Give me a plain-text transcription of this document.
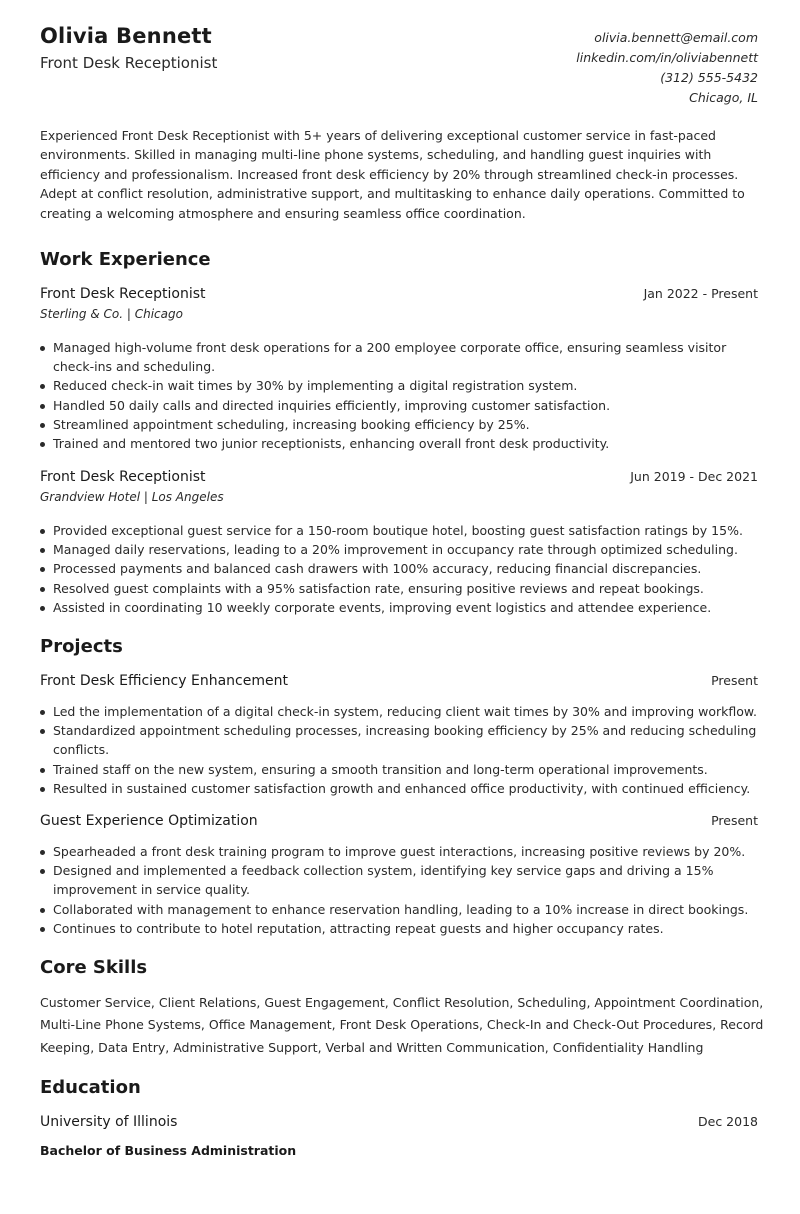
Olivia Bennett
Front Desk Receptionist
olivia.bennett@email.com
linkedin.com/in/oliviabennett
(312) 555-5432
Chicago, IL

Experienced Front Desk Receptionist with 5+ years of delivering exceptional customer service in fast-paced environments. Skilled in managing multi-line phone systems, scheduling, and handling guest inquiries with efficiency and professionalism. Increased front desk efficiency by 20% through streamlined check-in processes. Adept at conflict resolution, administrative support, and multitasking to enhance daily operations. Committed to creating a welcoming atmosphere and ensuring seamless office coordination.

Work Experience
Front Desk Receptionist	Jan 2022 - Present
Sterling & Co. | Chicago
Managed high-volume front desk operations for a 200 employee corporate office, ensuring seamless visitor check-ins and scheduling.
Reduced check-in wait times by 30% by implementing a digital registration system.
Handled 50 daily calls and directed inquiries efficiently, improving customer satisfaction.
Streamlined appointment scheduling, increasing booking efficiency by 25%.
Trained and mentored two junior receptionists, enhancing overall front desk productivity.
Front Desk Receptionist	Jun 2019 - Dec 2021
Grandview Hotel | Los Angeles
Provided exceptional guest service for a 150-room boutique hotel, boosting guest satisfaction ratings by 15%.
Managed daily reservations, leading to a 20% improvement in occupancy rate through optimized scheduling.
Processed payments and balanced cash drawers with 100% accuracy, reducing financial discrepancies.
Resolved guest complaints with a 95% satisfaction rate, ensuring positive reviews and repeat bookings.
Assisted in coordinating 10 weekly corporate events, improving event logistics and attendee experience.
Projects
Front Desk Efficiency Enhancement	Present
Led the implementation of a digital check-in system, reducing client wait times by 30% and improving workflow.
Standardized appointment scheduling processes, increasing booking efficiency by 25% and reducing scheduling conflicts.
Trained staff on the new system, ensuring a smooth transition and long-term operational improvements.
Resulted in sustained customer satisfaction growth and enhanced office productivity, with continued efficiency.
Guest Experience Optimization	Present
Spearheaded a front desk training program to improve guest interactions, increasing positive reviews by 20%.
Designed and implemented a feedback collection system, identifying key service gaps and driving a 15% improvement in service quality.
Collaborated with management to enhance reservation handling, leading to a 10% increase in direct bookings.
Continues to contribute to hotel reputation, attracting repeat guests and higher occupancy rates.
Core Skills

Customer Service, Client Relations, Guest Engagement, Conflict Resolution, Scheduling, Appointment Coordination, Multi-Line Phone Systems, Office Management, Front Desk Operations, Check-In and Check-Out Procedures, Record Keeping, Data Entry, Administrative Support, Verbal and Written Communication, Confidentiality Handling

Education
University of Illinois	Dec 2018
Bachelor of Business Administration
